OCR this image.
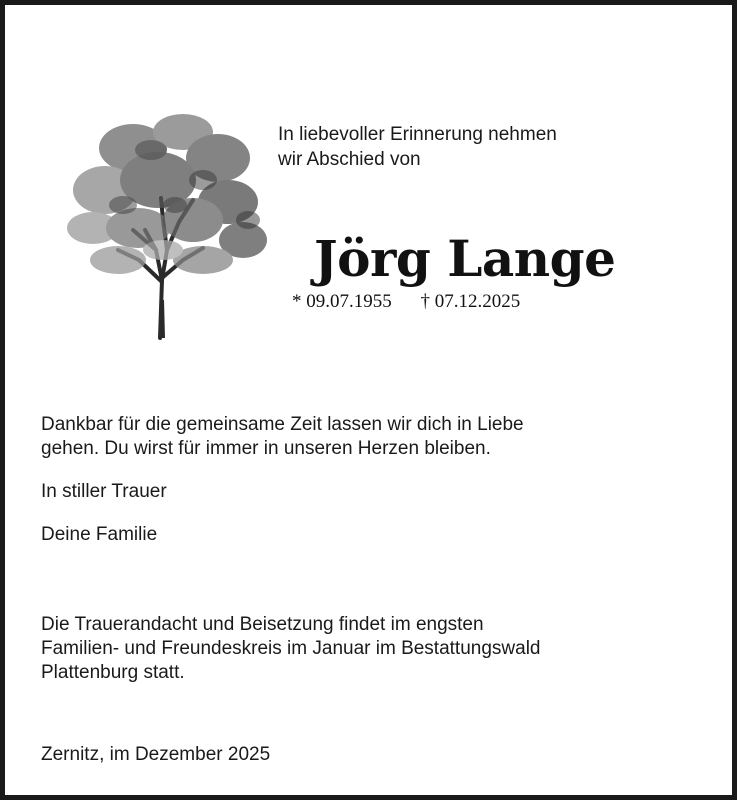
In liebevoller Erinnerung nehmen
wir Abschied von
Jörg Lange
* 09.07.1955 † 07.12.2025
Dankbar für die gemeinsame Zeit lassen wir dich in Liebe
gehen. Du wirst für immer in unseren Herzen bleiben.
In stiller Trauer
Deine Familie
Die Trauerandacht und Beisetzung findet im engsten
Familien- und Freundeskreis im Januar im Bestattungswald
Plattenburg statt.
Zernitz, im Dezember 2025
